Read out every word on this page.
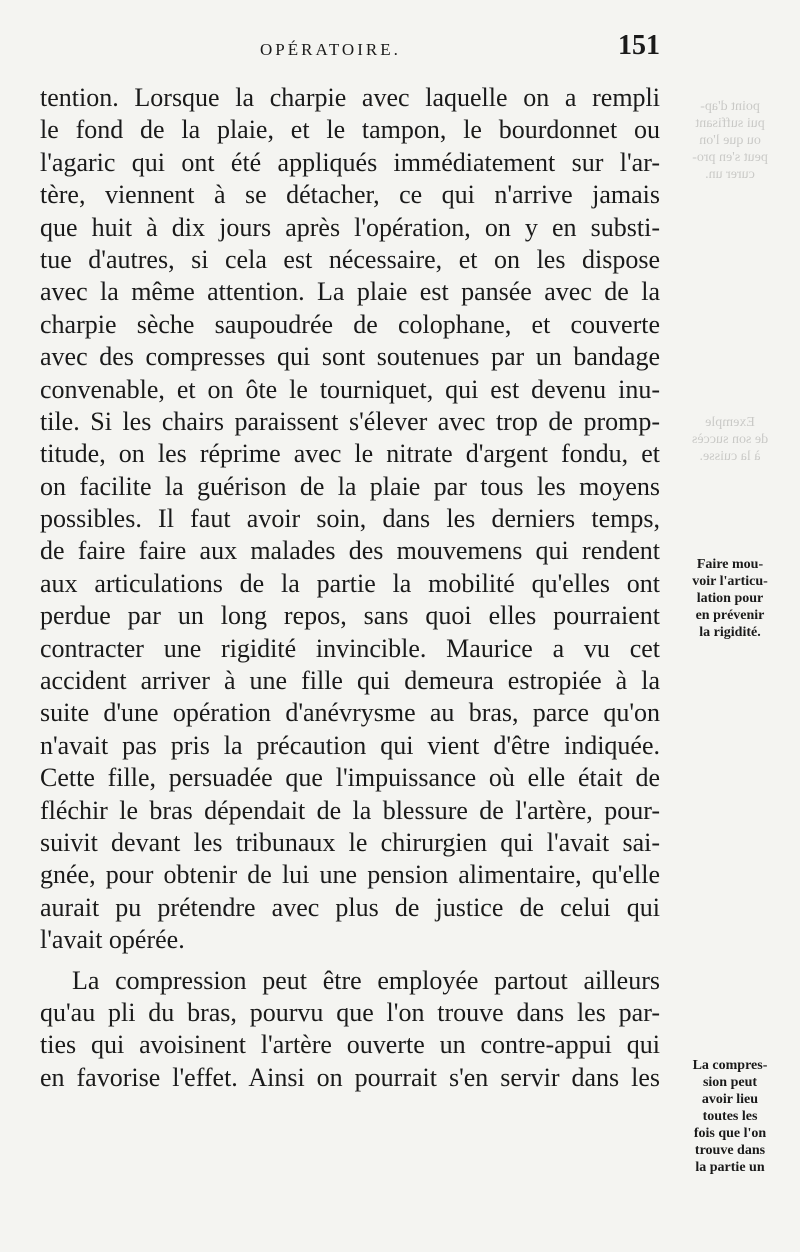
OPÉRATOIRE.	151
point d'ap-
pui suffisant
ou que l'on
peut s'en pro-
curer un.
Exemple
de son succès
à la cuisse.
tention. Lorsque la charpie avec laquelle on a rempli
le fond de la plaie, et le tampon, le bourdonnet ou
l'agaric qui ont été appliqués immédiatement sur l'ar-
tère, viennent à se détacher, ce qui n'arrive jamais
que huit à dix jours après l'opération, on y en substi-
tue d'autres, si cela est nécessaire, et on les dispose
avec la même attention. La plaie est pansée avec de la
charpie sèche saupoudrée de colophane, et couverte
avec des compresses qui sont soutenues par un bandage
convenable, et on ôte le tourniquet, qui est devenu inu-
tile. Si les chairs paraissent s'élever avec trop de promp-
titude, on les réprime avec le nitrate d'argent fondu, et
on facilite la guérison de la plaie par tous les moyens
possibles. Il faut avoir soin, dans les derniers temps,
de faire faire aux malades des mouvemens qui rendent
aux articulations de la partie la mobilité qu'elles ont
perdue par un long repos, sans quoi elles pourraient
contracter une rigidité invincible. Maurice a vu cet
accident arriver à une fille qui demeura estropiée à la
suite d'une opération d'anévrysme au bras, parce qu'on
n'avait pas pris la précaution qui vient d'être indiquée.
Cette fille, persuadée que l'impuissance où elle était de
fléchir le bras dépendait de la blessure de l'artère, pour-
suivit devant les tribunaux le chirurgien qui l'avait sai-
gnée, pour obtenir de lui une pension alimentaire, qu'elle
aurait pu prétendre avec plus de justice de celui qui
l'avait opérée.
La compression peut être employée partout ailleurs
qu'au pli du bras, pourvu que l'on trouve dans les par-
ties qui avoisinent l'artère ouverte un contre-appui qui
en favorise l'effet. Ainsi on pourrait s'en servir dans les
Faire mou-
voir l'articu-
lation pour
en prévenir
la rigidité.
La compres-
sion peut
avoir lieu
toutes les
fois que l'on
trouve dans
la partie un
